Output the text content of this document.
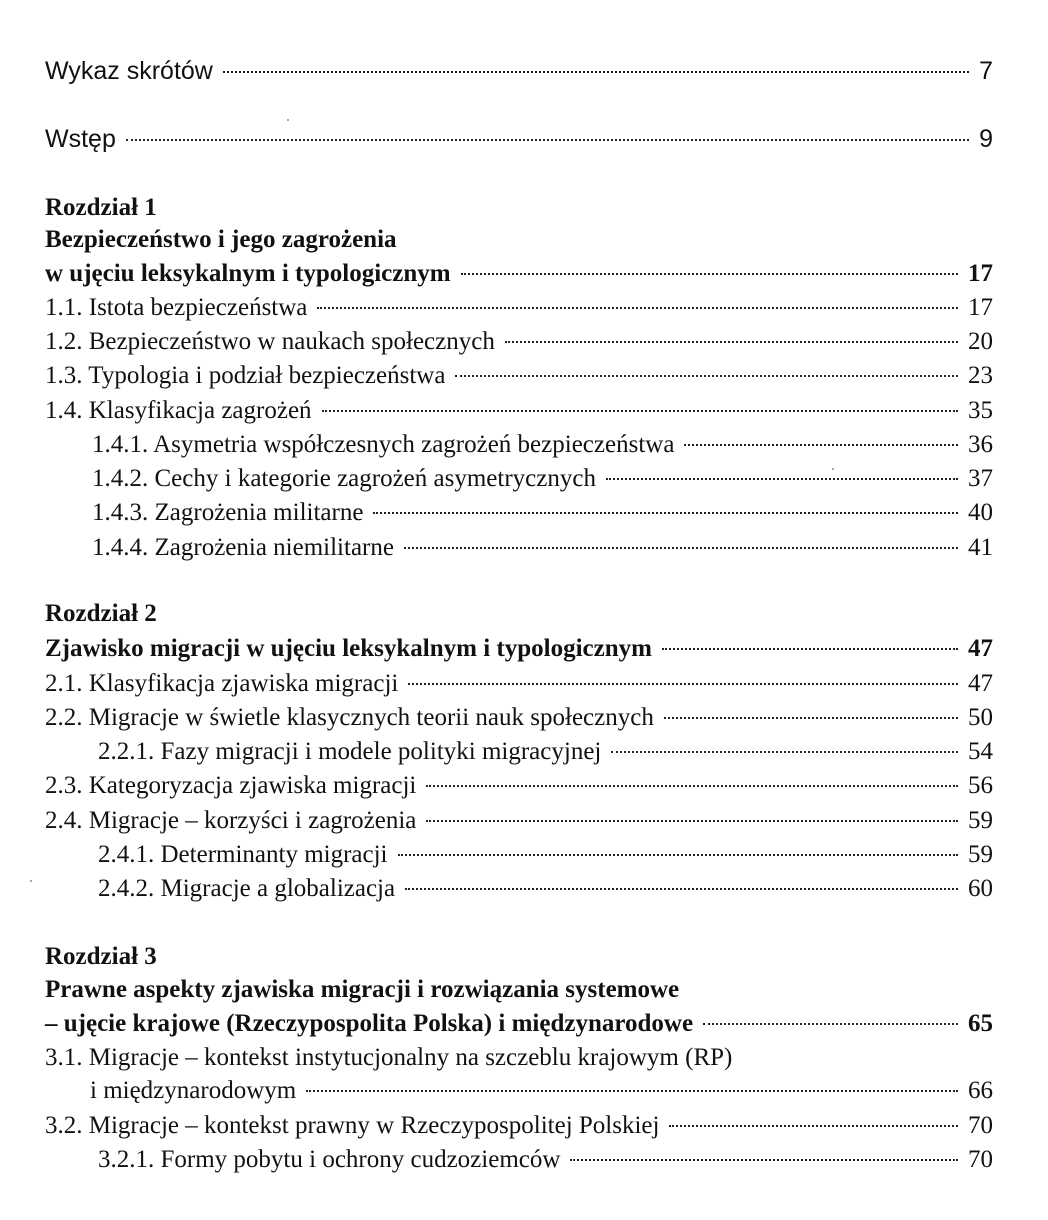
Wykaz skrótów	7
Wstęp	9
Rozdział 1
Bezpieczeństwo i jego zagrożenia
w ujęciu leksykalnym i typologicznym	17
1.1. Istota bezpieczeństwa	17
1.2. Bezpieczeństwo w naukach społecznych	20
1.3. Typologia i podział bezpieczeństwa	23
1.4. Klasyfikacja zagrożeń	35
1.4.1. Asymetria współczesnych zagrożeń bezpieczeństwa	36
1.4.2. Cechy i kategorie zagrożeń asymetrycznych	37
1.4.3. Zagrożenia militarne	40
1.4.4. Zagrożenia niemilitarne	41
Rozdział 2
Zjawisko migracji w ujęciu leksykalnym i typologicznym	47
2.1. Klasyfikacja zjawiska migracji	47
2.2. Migracje w świetle klasycznych teorii nauk społecznych	50
2.2.1. Fazy migracji i modele polityki migracyjnej	54
2.3. Kategoryzacja zjawiska migracji	56
2.4. Migracje – korzyści i zagrożenia	59
2.4.1. Determinanty migracji	59
2.4.2. Migracje a globalizacja	60
Rozdział 3
Prawne aspekty zjawiska migracji i rozwiązania systemowe
– ujęcie krajowe (Rzeczypospolita Polska) i międzynarodowe	65
3.1. Migracje – kontekst instytucjonalny na szczeblu krajowym (RP)
i międzynarodowym	66
3.2. Migracje – kontekst prawny w Rzeczypospolitej Polskiej	70
3.2.1. Formy pobytu i ochrony cudzoziemców	70
